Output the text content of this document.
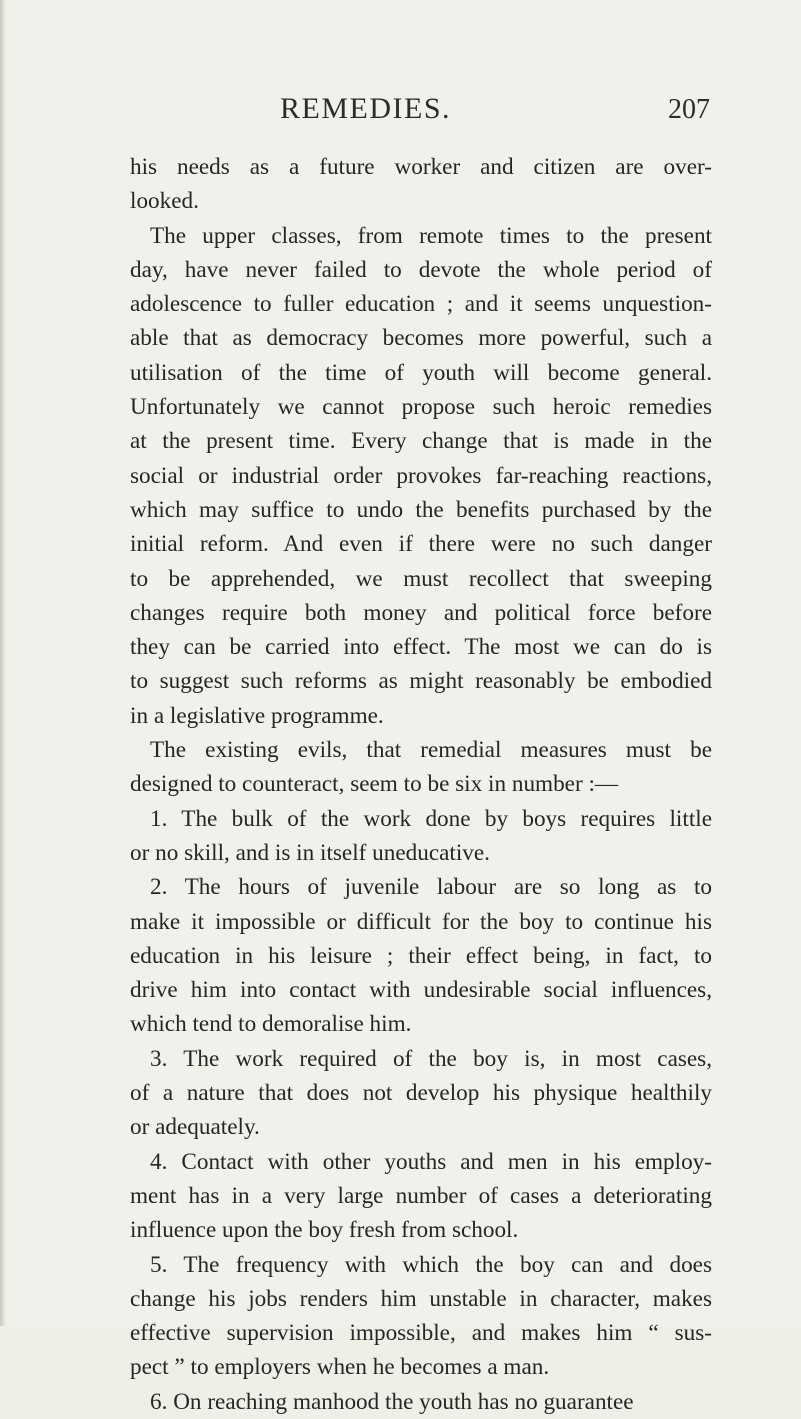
REMEDIES.	207
his needs as a future worker and citizen are over-
looked.
The upper classes, from remote times to the present
day, have never failed to devote the whole period of
adolescence to fuller education ; and it seems unquestion-
able that as democracy becomes more powerful, such a
utilisation of the time of youth will become general.
Unfortunately we cannot propose such heroic remedies
at the present time. Every change that is made in the
social or industrial order provokes far-reaching reactions,
which may suffice to undo the benefits purchased by the
initial reform. And even if there were no such danger
to be apprehended, we must recollect that sweeping
changes require both money and political force before
they can be carried into effect. The most we can do is
to suggest such reforms as might reasonably be embodied
in a legislative programme.
The existing evils, that remedial measures must be
designed to counteract, seem to be six in number :—
1. The bulk of the work done by boys requires little
or no skill, and is in itself uneducative.
2. The hours of juvenile labour are so long as to
make it impossible or difficult for the boy to continue his
education in his leisure ; their effect being, in fact, to
drive him into contact with undesirable social influences,
which tend to demoralise him.
3. The work required of the boy is, in most cases,
of a nature that does not develop his physique healthily
or adequately.
4. Contact with other youths and men in his employ-
ment has in a very large number of cases a deteriorating
influence upon the boy fresh from school.
5. The frequency with which the boy can and does
change his jobs renders him unstable in character, makes
effective supervision impossible, and makes him “ sus-
pect ” to employers when he becomes a man.
6. On reaching manhood the youth has no guarantee
